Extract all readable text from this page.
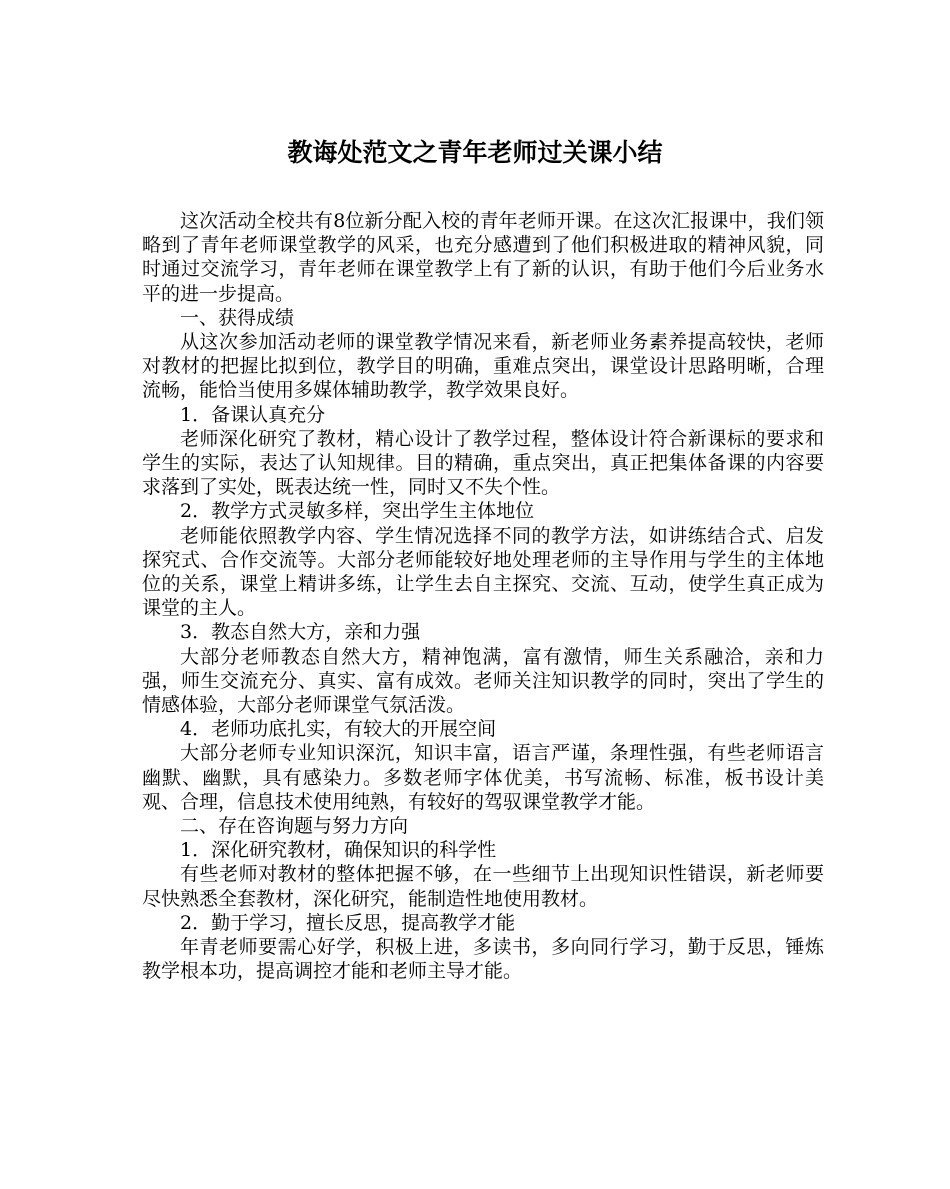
教诲处范文之青年老师过关课小结

这次活动全校共有8位新分配入校的青年老师开课。在这次汇报课中，我们领略到了青年老师课堂教学的风采，也充分感遭到了他们积极进取的精神风貌，同时通过交流学习，青年老师在课堂教学上有了新的认识，有助于他们今后业务水平的进一步提高。

一、获得成绩

从这次参加活动老师的课堂教学情况来看，新老师业务素养提高较快，老师对教材的把握比拟到位，教学目的明确，重难点突出，课堂设计思路明晰，合理流畅，能恰当使用多媒体辅助教学，教学效果良好。

1．备课认真充分

老师深化研究了教材，精心设计了教学过程，整体设计符合新课标的要求和学生的实际，表达了认知规律。目的精确，重点突出，真正把集体备课的内容要求落到了实处，既表达统一性，同时又不失个性。

2．教学方式灵敏多样，突出学生主体地位

老师能依照教学内容、学生情况选择不同的教学方法，如讲练结合式、启发探究式、合作交流等。大部分老师能较好地处理老师的主导作用与学生的主体地位的关系，课堂上精讲多练，让学生去自主探究、交流、互动，使学生真正成为课堂的主人。

3．教态自然大方，亲和力强

大部分老师教态自然大方，精神饱满，富有激情，师生关系融洽，亲和力强，师生交流充分、真实、富有成效。老师关注知识教学的同时，突出了学生的情感体验，大部分老师课堂气氛活泼。

4．老师功底扎实，有较大的开展空间

大部分老师专业知识深沉，知识丰富，语言严谨，条理性强，有些老师语言幽默、幽默，具有感染力。多数老师字体优美，书写流畅、标准，板书设计美观、合理，信息技术使用纯熟，有较好的驾驭课堂教学才能。

二、存在咨询题与努力方向

1．深化研究教材，确保知识的科学性

有些老师对教材的整体把握不够，在一些细节上出现知识性错误，新老师要尽快熟悉全套教材，深化研究，能制造性地使用教材。

2．勤于学习，擅长反思，提高教学才能

年青老师要需心好学，积极上进，多读书，多向同行学习，勤于反思，锤炼教学根本功，提高调控才能和老师主导才能。
